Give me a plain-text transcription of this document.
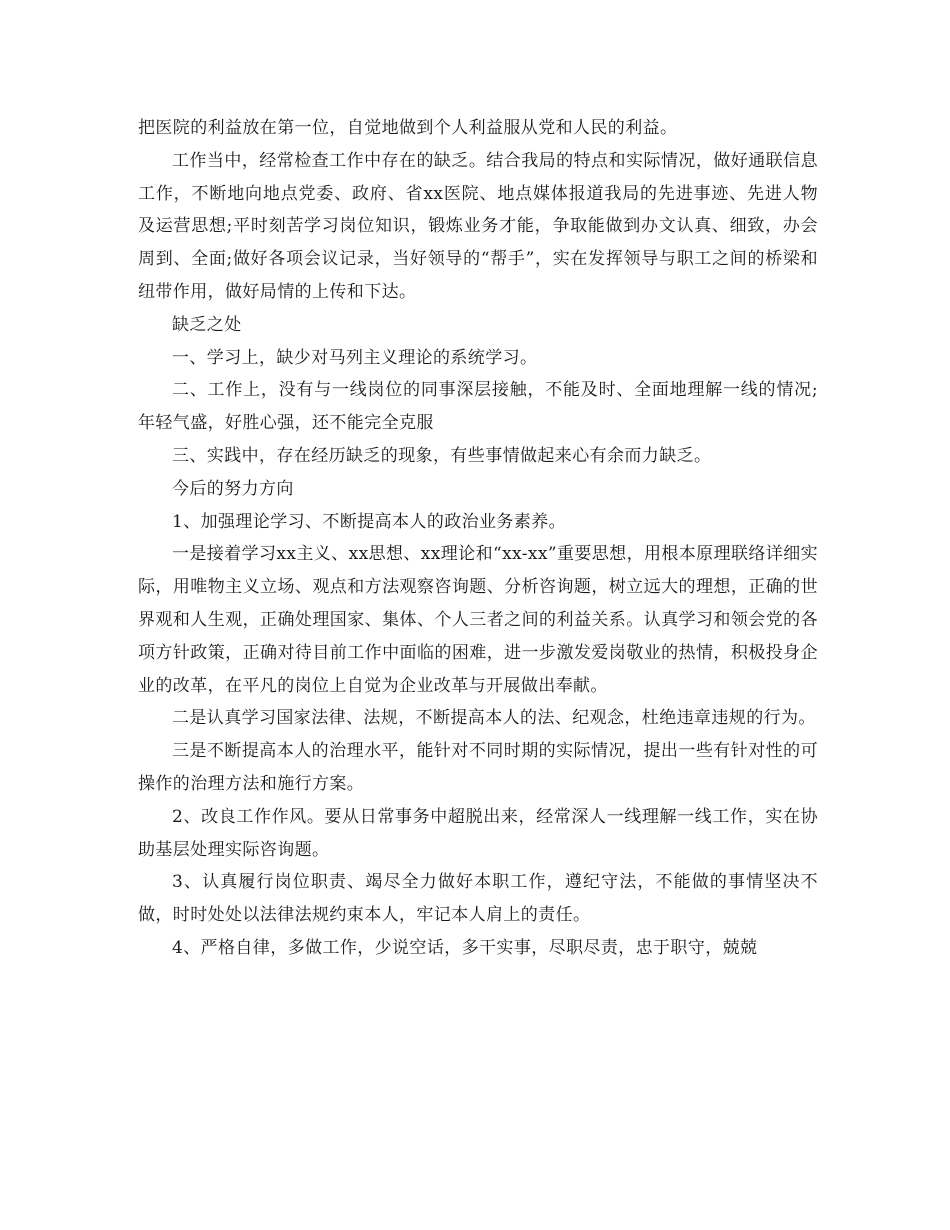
把医院的利益放在第一位，自觉地做到个人利益服从党和人民的利益。

工作当中，经常检查工作中存在的缺乏。结合我局的特点和实际情况，做好通联信息工作，不断地向地点党委、政府、省xx医院、地点媒体报道我局的先进事迹、先进人物及运营思想;平时刻苦学习岗位知识，锻炼业务才能，争取能做到办文认真、细致，办会周到、全面;做好各项会议记录，当好领导的“帮手”，实在发挥领导与职工之间的桥梁和纽带作用，做好局情的上传和下达。

缺乏之处

一、学习上，缺少对马列主义理论的系统学习。

二、工作上，没有与一线岗位的同事深层接触，不能及时、全面地理解一线的情况;年轻气盛，好胜心强，还不能完全克服

三、实践中，存在经历缺乏的现象，有些事情做起来心有余而力缺乏。

今后的努力方向

1、加强理论学习、不断提高本人的政治业务素养。

一是接着学习xx主义、xx思想、xx理论和“xx-xx”重要思想，用根本原理联络详细实际，用唯物主义立场、观点和方法观察咨询题、分析咨询题，树立远大的理想，正确的世界观和人生观，正确处理国家、集体、个人三者之间的利益关系。认真学习和领会党的各项方针政策，正确对待目前工作中面临的困难，进一步激发爱岗敬业的热情，积极投身企业的改革，在平凡的岗位上自觉为企业改革与开展做出奉献。

二是认真学习国家法律、法规，不断提高本人的法、纪观念，杜绝违章违规的行为。

三是不断提高本人的治理水平，能针对不同时期的实际情况，提出一些有针对性的可操作的治理方法和施行方案。

2、改良工作作风。要从日常事务中超脱出来，经常深人一线理解一线工作，实在协助基层处理实际咨询题。

3、认真履行岗位职责、竭尽全力做好本职工作，遵纪守法，不能做的事情坚决不做，时时处处以法律法规约束本人，牢记本人肩上的责任。

4、严格自律，多做工作，少说空话，多干实事，尽职尽责，忠于职守，兢兢
